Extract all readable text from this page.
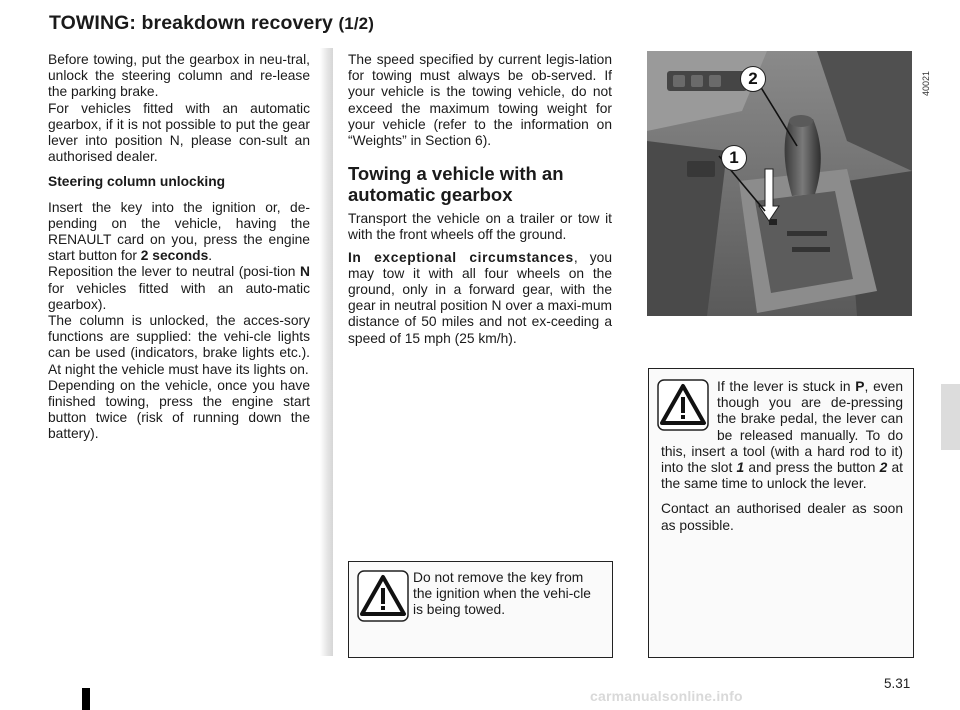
TOWING: breakdown recovery (1/2)

Before towing, put the gearbox in neu-tral, unlock the steering column and re-lease the parking brake.

For vehicles fitted with an automatic gearbox, if it is not possible to put the gear lever into position N, please con-sult an authorised dealer.

Steering column unlocking

Insert the key into the ignition or, de-pending on the vehicle, having the RENAULT card on you, press the engine start button for 2 seconds.

Reposition the lever to neutral (posi-tion N for vehicles fitted with an auto-matic gearbox).

The column is unlocked, the acces-sory functions are supplied: the vehi-cle lights can be used (indicators, brake lights etc.). At night the vehicle must have its lights on.

Depending on the vehicle, once you have finished towing, press the engine start button twice (risk of running down the battery).

The speed specified by current legis-lation for towing must always be ob-served. If your vehicle is the towing vehicle, do not exceed the maximum towing weight for your vehicle (refer to the information on “Weights” in Section 6).

Towing a vehicle with an automatic gearbox

Transport the vehicle on a trailer or tow it with the front wheels off the ground.

In exceptional circumstances, you may tow it with all four wheels on the ground, only in a forward gear, with the gear in neutral position N over a maxi-mum distance of 50 miles and not ex-ceeding a speed of 15 mph (25 km/h).

2
1
40021
Do not remove the key from the ignition when the vehi-cle is being towed.

If the lever is stuck in P, even though you are de-pressing the brake pedal, the lever can be released manually. To do this, insert a tool (with a hard rod to it) into the slot 1 and press the button 2 at the same time to unlock the lever.

Contact an authorised dealer as soon as possible.

5.31
carmanualsonline.info
